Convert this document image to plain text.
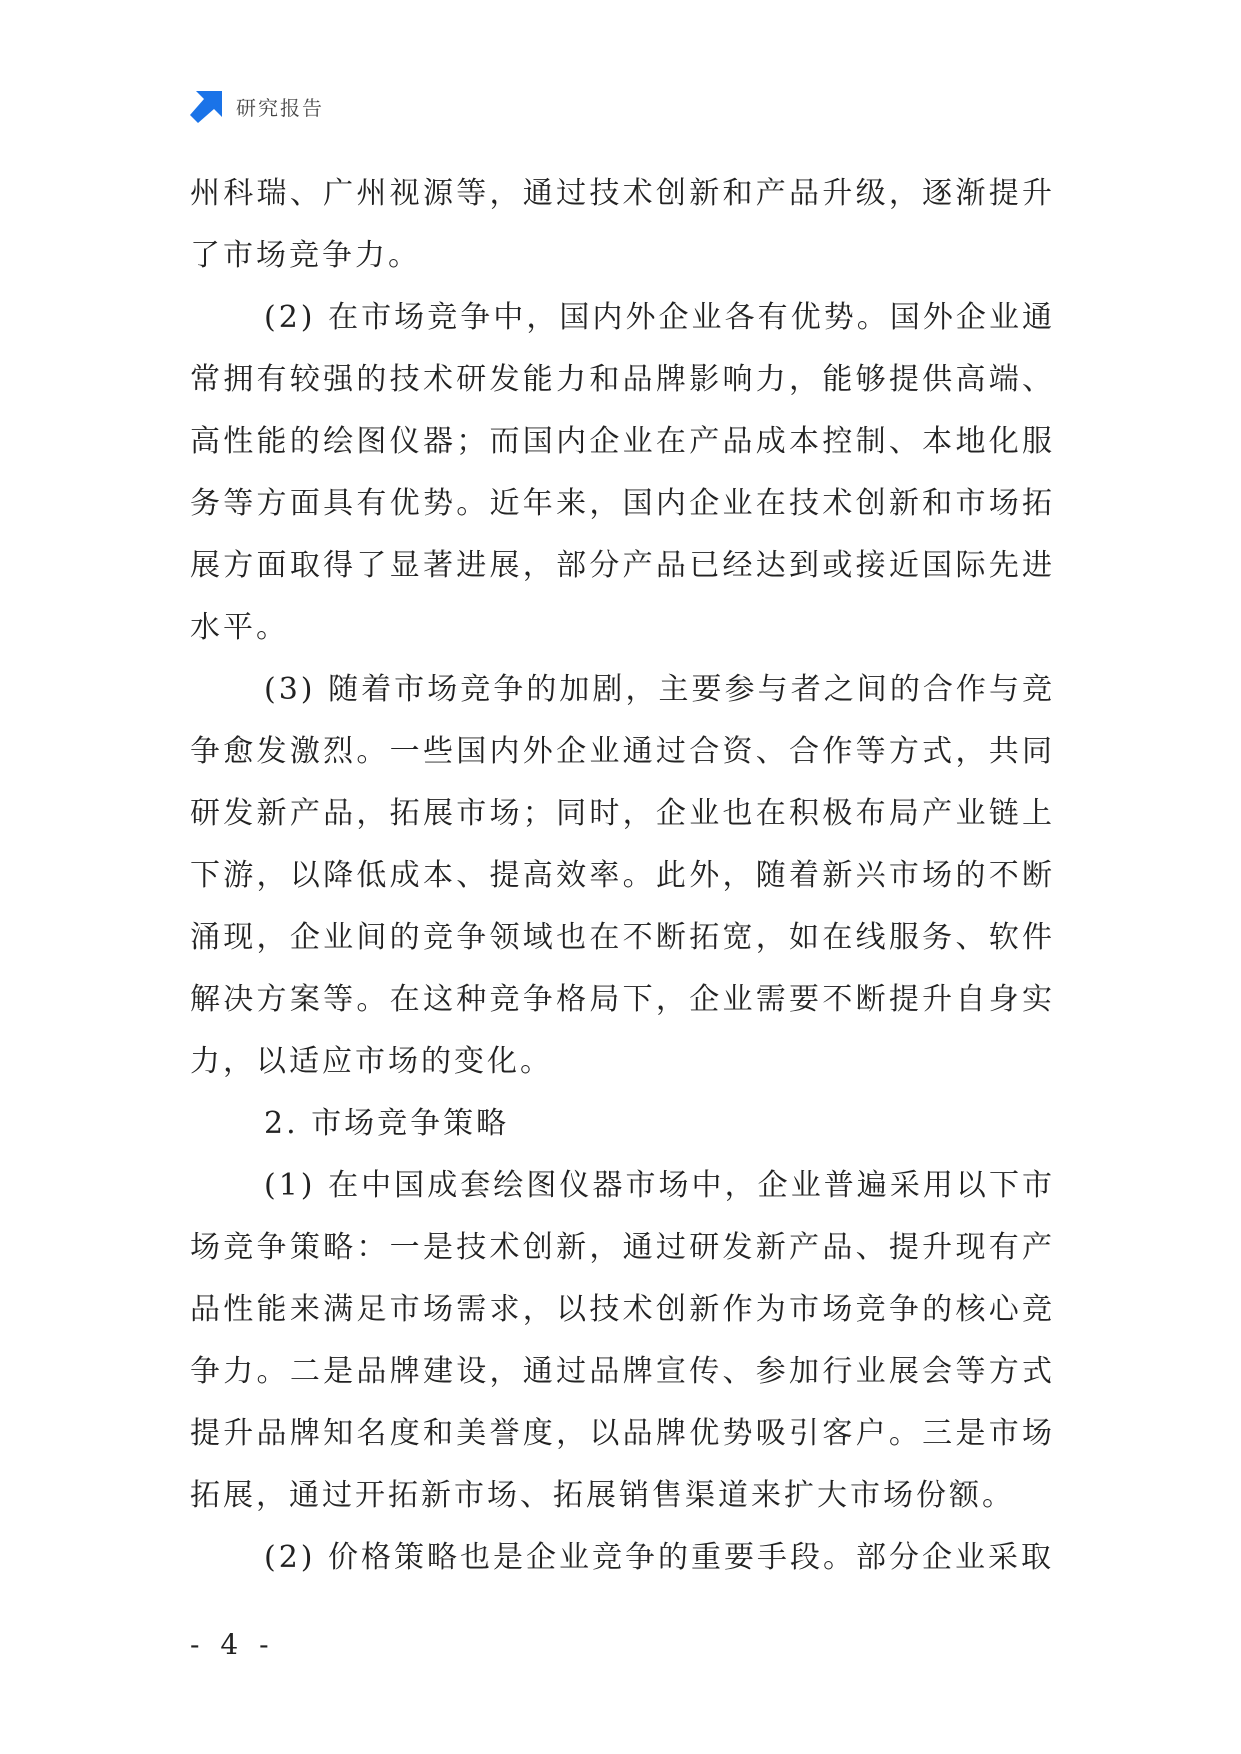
研究报告

州科瑞、广州视源等，通过技术创新和产品升级，逐渐提升了市场竞争力。

(2) 在市场竞争中，国内外企业各有优势。国外企业通常拥有较强的技术研发能力和品牌影响力，能够提供高端、高性能的绘图仪器；而国内企业在产品成本控制、本地化服务等方面具有优势。近年来，国内企业在技术创新和市场拓展方面取得了显著进展，部分产品已经达到或接近国际先进水平。

(3) 随着市场竞争的加剧，主要参与者之间的合作与竞争愈发激烈。一些国内外企业通过合资、合作等方式，共同研发新产品，拓展市场；同时，企业也在积极布局产业链上下游，以降低成本、提高效率。此外，随着新兴市场的不断涌现，企业间的竞争领域也在不断拓宽，如在线服务、软件解决方案等。在这种竞争格局下，企业需要不断提升自身实力，以适应市场的变化。

2. 市场竞争策略

(1) 在中国成套绘图仪器市场中，企业普遍采用以下市场竞争策略：一是技术创新，通过研发新产品、提升现有产品性能来满足市场需求，以技术创新作为市场竞争的核心竞争力。二是品牌建设，通过品牌宣传、参加行业展会等方式提升品牌知名度和美誉度，以品牌优势吸引客户。三是市场拓展，通过开拓新市场、拓展销售渠道来扩大市场份额。

(2) 价格策略也是企业竞争的重要手段。部分企业采取

- 4 -
